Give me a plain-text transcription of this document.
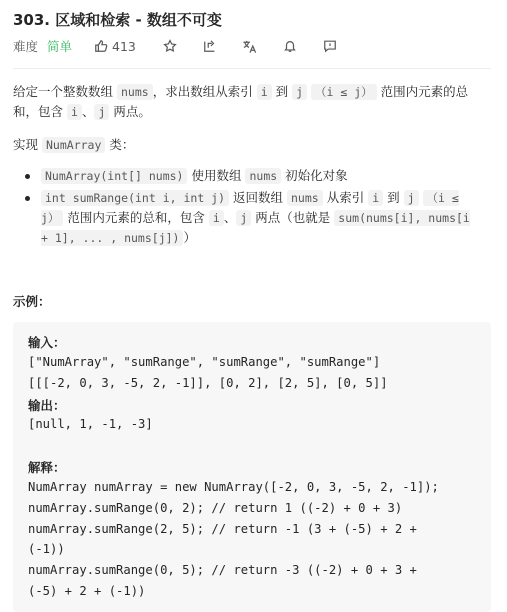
303. 区域和检索 - 数组不可变
难度 简单	413
给定一个整数数组 nums ，求出数组从索引 i 到 j （i ≤ j） 范围内元素的总和，包含 i 、 j 两点。
实现 NumArray 类：
NumArray(int[] nums) 使用数组 nums 初始化对象
int sumRange(int i, int j) 返回数组 nums 从索引 i 到 j （i ≤ j） 范围内元素的总和，包含 i 、 j 两点（也就是 sum(nums[i], nums[i + 1], ... , nums[j]) ）
示例：
输入：
["NumArray", "sumRange", "sumRange", "sumRange"]
[[[-2, 0, 3, -5, 2, -1]], [0, 2], [2, 5], [0, 5]]
输出：
[null, 1, -1, -3]
解释：
NumArray numArray = new NumArray([-2, 0, 3, -5, 2, -1]);
numArray.sumRange(0, 2); // return 1 ((-2) + 0 + 3)
numArray.sumRange(2, 5); // return -1 (3 + (-5) + 2 +
(-1))
numArray.sumRange(0, 5); // return -3 ((-2) + 0 + 3 +
(-5) + 2 + (-1))
